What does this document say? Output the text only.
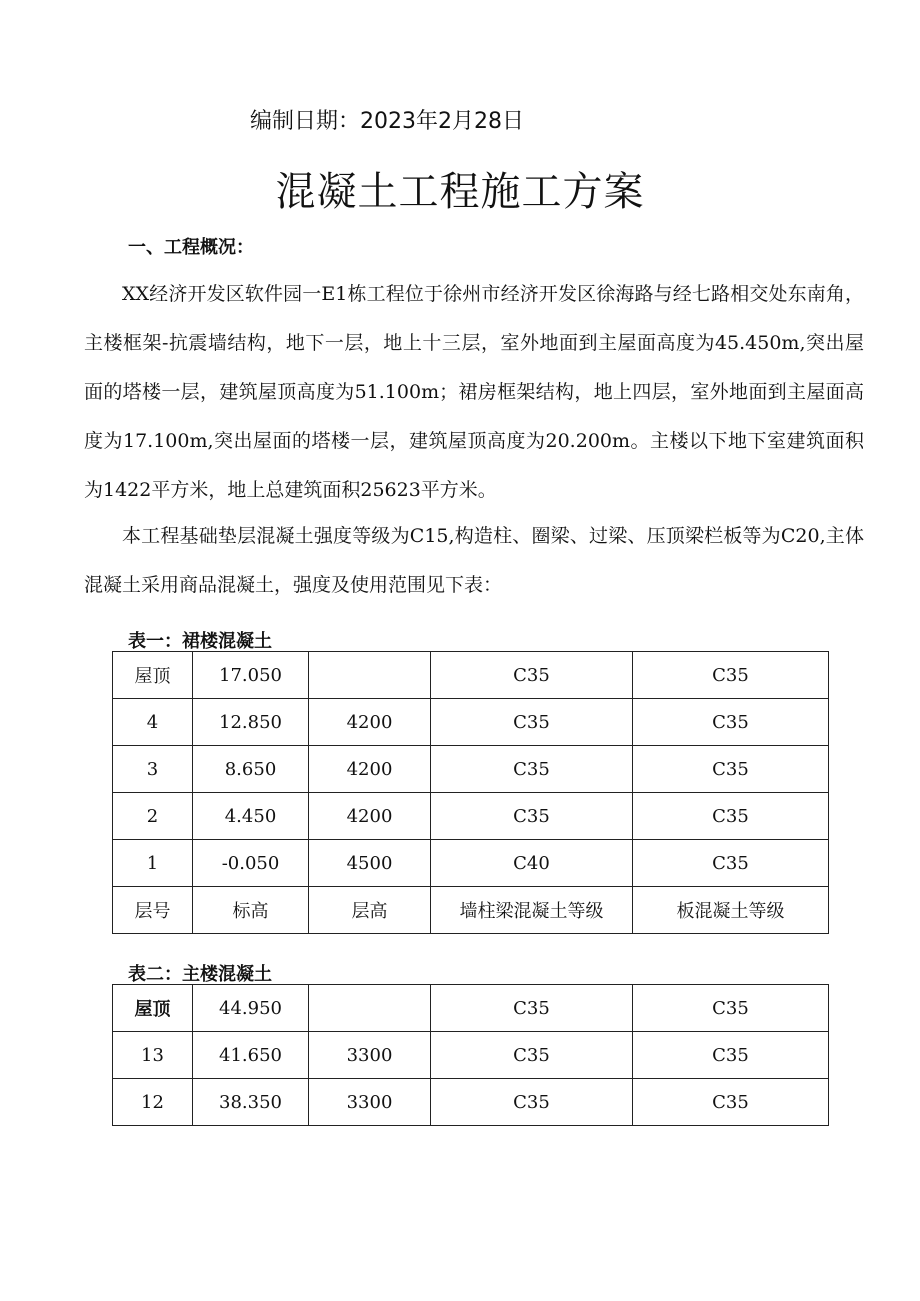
编制日期：2023年2月28日
混凝土工程施工方案
一、工程概况：

XX经济开发区软件园一E1栋工程位于徐州市经济开发区徐海路与经七路相交处东南角，主楼框架-抗震墙结构，地下一层，地上十三层，室外地面到主屋面高度为45.450m,突出屋面的塔楼一层，建筑屋顶高度为51.100m；裙房框架结构，地上四层，室外地面到主屋面高度为17.100m,突出屋面的塔楼一层，建筑屋顶高度为20.200m。主楼以下地下室建筑面积为1422平方米，地上总建筑面积25623平方米。

本工程基础垫层混凝土强度等级为C15,构造柱、圈梁、过梁、压顶梁栏板等为C20,主体混凝土采用商品混凝土，强度及使用范围见下表：

表一：裙楼混凝土
屋顶	17.050		C35	C35
4	12.850	4200	C35	C35
3	8.650	4200	C35	C35
2	4.450	4200	C35	C35
1	-0.050	4500	C40	C35
层号	标高	层高	墙柱梁混凝土等级	板混凝土等级
表二：主楼混凝土
屋顶	44.950		C35	C35
13	41.650	3300	C35	C35
12	38.350	3300	C35	C35
